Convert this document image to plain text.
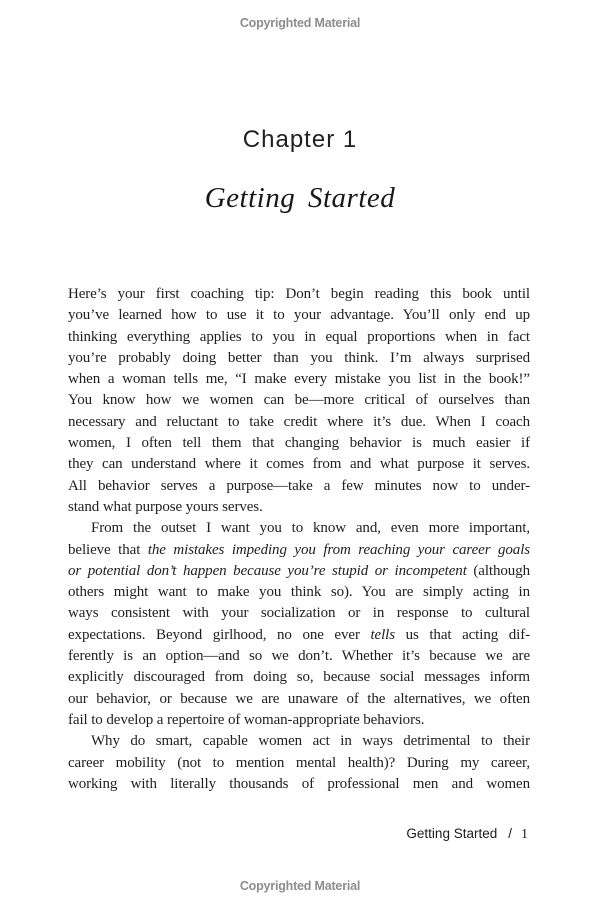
Copyrighted Material
Chapter 1
Getting Started
Here’s your first coaching tip: Don’t begin reading this book until
you’ve learned how to use it to your advantage. You’ll only end up
thinking everything applies to you in equal proportions when in fact
you’re probably doing better than you think. I’m always surprised
when a woman tells me, “I make every mistake you list in the book!”
You know how we women can be—more critical of ourselves than
necessary and reluctant to take credit where it’s due. When I coach
women, I often tell them that changing behavior is much easier if
they can understand where it comes from and what purpose it serves.
All behavior serves a purpose—take a few minutes now to under-
stand what purpose yours serves.
From the outset I want you to know and, even more important,
believe that the mistakes impeding you from reaching your career goals
or potential don’t happen because you’re stupid or incompetent (although
others might want to make you think so). You are simply acting in
ways consistent with your socialization or in response to cultural
expectations. Beyond girlhood, no one ever tells us that acting dif-
ferently is an option—and so we don’t. Whether it’s because we are
explicitly discouraged from doing so, because social messages inform
our behavior, or because we are unaware of the alternatives, we often
fail to develop a repertoire of woman-appropriate behaviors.
Why do smart, capable women act in ways detrimental to their
career mobility (not to mention mental health)? During my career,
working with literally thousands of professional men and women
Getting Started / 1
Copyrighted Material
